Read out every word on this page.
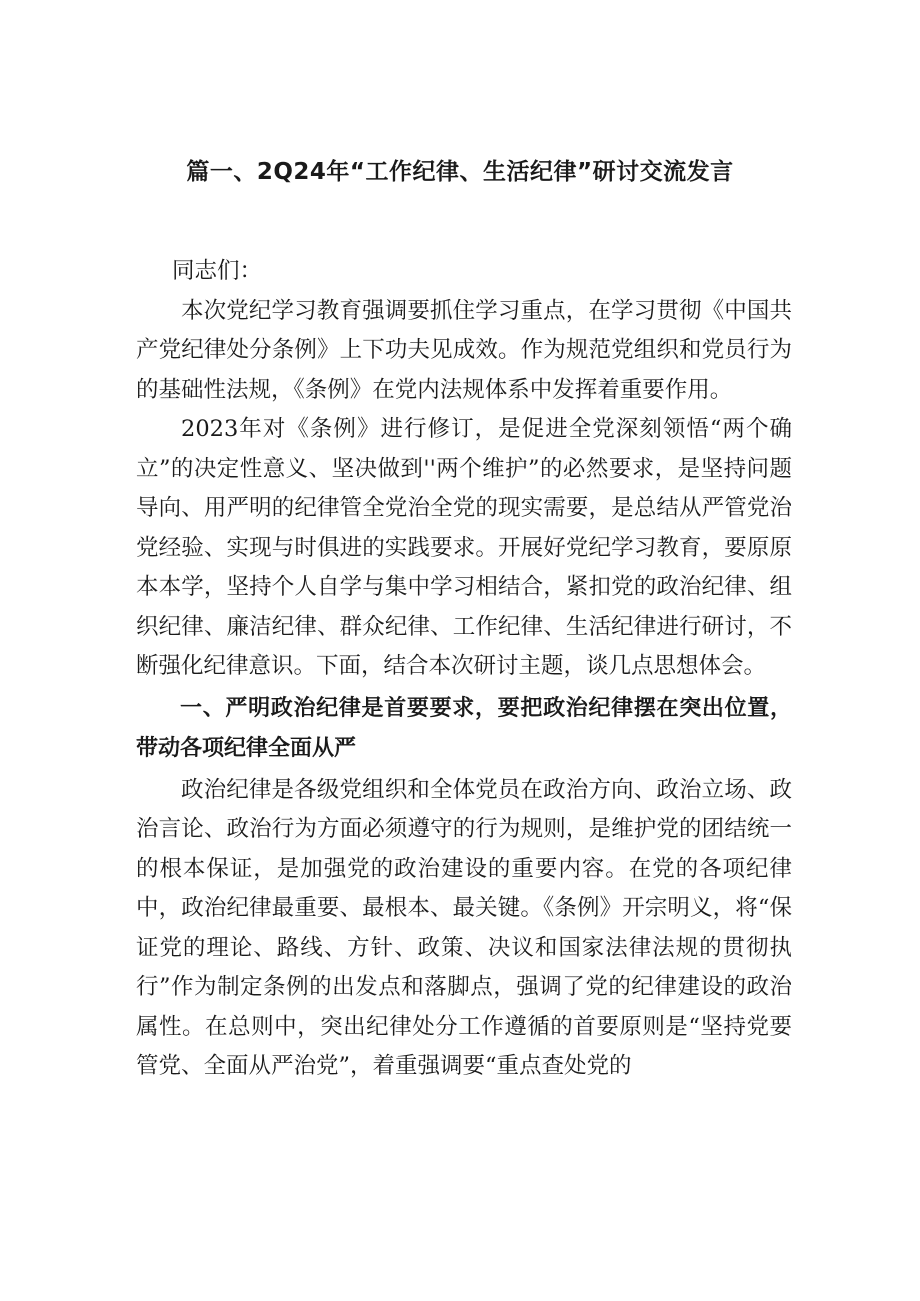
篇一、2Q24年“工作纪律、生活纪律”研讨交流发言

同志们：

本次党纪学习教育强调要抓住学习重点，在学习贯彻《中国共产党纪律处分条例》上下功夫见成效。作为规范党组织和党员行为的基础性法规，《条例》在党内法规体系中发挥着重要作用。

2023年对《条例》进行修订，是促进全党深刻领悟“两个确立”的决定性意义、坚决做到''两个维护”的必然要求，是坚持问题导向、用严明的纪律管全党治全党的现实需要，是总结从严管党治党经验、实现与时俱进的实践要求。开展好党纪学习教育，要原原本本学，坚持个人自学与集中学习相结合，紧扣党的政治纪律、组织纪律、廉洁纪律、群众纪律、工作纪律、生活纪律进行研讨，不断强化纪律意识。下面，结合本次研讨主题，谈几点思想体会。

一、严明政治纪律是首要要求，要把政治纪律摆在突出位置，带动各项纪律全面从严

政治纪律是各级党组织和全体党员在政治方向、政治立场、政治言论、政治行为方面必须遵守的行为规则，是维护党的团结统一的根本保证，是加强党的政治建设的重要内容。在党的各项纪律中，政治纪律最重要、最根本、最关键。《条例》开宗明义，将“保证党的理论、路线、方针、政策、决议和国家法律法规的贯彻执行”作为制定条例的出发点和落脚点，强调了党的纪律建设的政治属性。在总则中，突出纪律处分工作遵循的首要原则是“坚持党要管党、全面从严治党”，着重强调要“重点查处党的
